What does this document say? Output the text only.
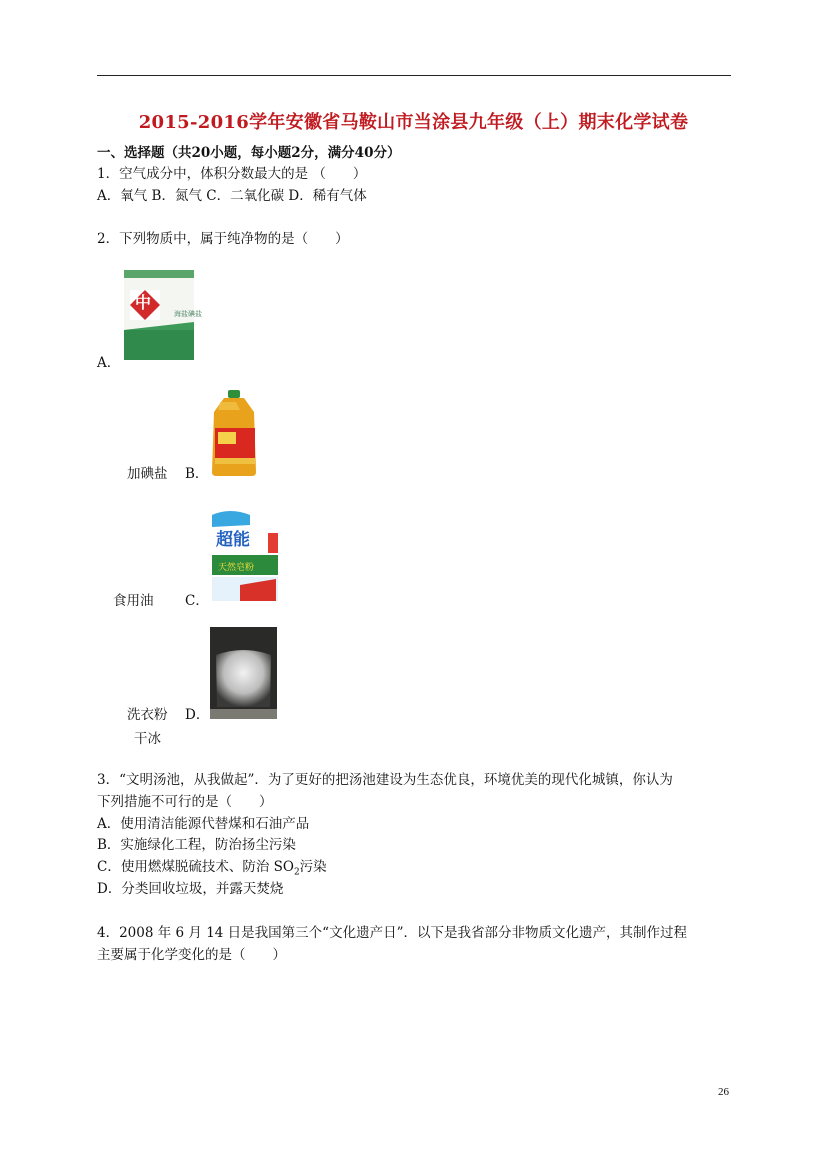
2015-2016学年安徽省马鞍山市当涂县九年级（上）期末化学试卷
一、选择题（共20小题，每小题2分，满分40分）
1．空气成分中，体积分数最大的是 （　　）
A．氧气 B．氮气 C．二氧化碳 D．稀有气体
2．下列物质中，属于纯净物的是（　　）
海盐碘盐
中
A．
加碘盐 B．
超能
天然皂粉
食用油 C．
洗衣粉 D．
干冰
3．“文明汤池，从我做起”．为了更好的把汤池建设为生态优良，环境优美的现代化城镇，你认为
下列措施不可行的是（　　）
A．使用清洁能源代替煤和石油产品
B．实施绿化工程，防治扬尘污染
C．使用燃煤脱硫技术、防治 $SO_2$污染
D．分类回收垃圾，并露天焚烧
4．2008 年 6 月 14 日是我国第三个“文化遗产日”．以下是我省部分非物质文化遗产，其制作过程
主要属于化学变化的是（　　）
26
